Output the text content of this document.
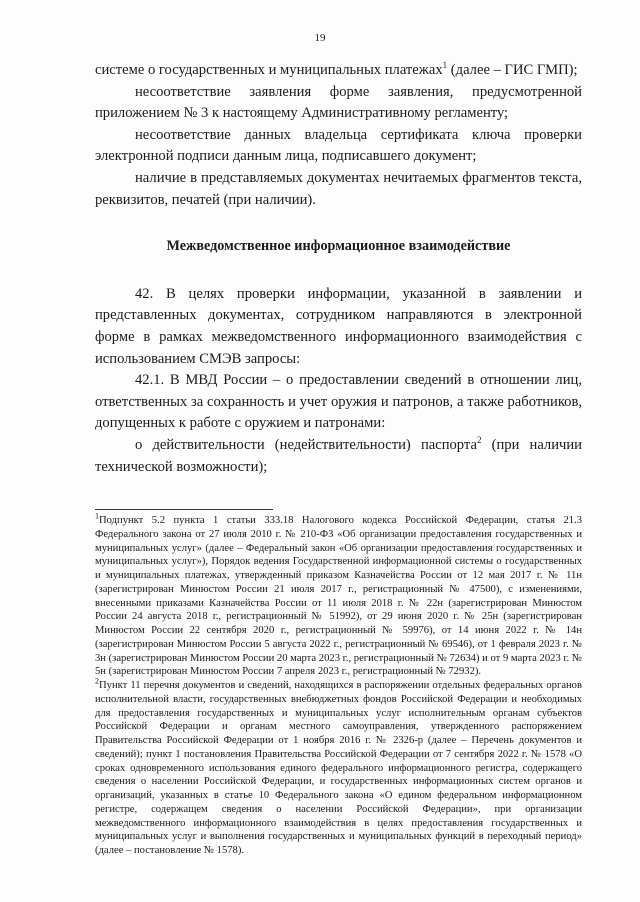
19

системе о государственных и муниципальных платежах$^1$ (далее – ГИС ГМП);

несоответствие заявления форме заявления, предусмотренной приложением № 3 к настоящему Административному регламенту;

несоответствие данных владельца сертификата ключа проверки электронной подписи данным лица, подписавшего документ;

наличие в представляемых документах нечитаемых фрагментов текста, реквизитов, печатей (при наличии).

Межведомственное информационное взаимодействие

42. В целях проверки информации, указанной в заявлении и представленных документах, сотрудником направляются в электронной форме в рамках межведомственного информационного взаимодействия с использованием СМЭВ запросы:

42.1. В МВД России – о предоставлении сведений в отношении лиц, ответственных за сохранность и учет оружия и патронов, а также работников, допущенных к работе с оружием и патронами:

о действительности (недействительности) паспорта$^2$ (при наличии технической возможности);

$^1$Подпункт 5.2 пункта 1 статьи 333.18 Налогового кодекса Российской Федерации, статья 21.3 Федерального закона от 27 июля 2010 г. № 210-ФЗ «Об организации предоставления государственных и муниципальных услуг» (далее – Федеральный закон «Об организации предоставления государственных и муниципальных услуг»), Порядок ведения Государственной информационной системы о государственных и муниципальных платежах, утвержденный приказом Казначейства России от 12 мая 2017 г. № 11н (зарегистрирован Минюстом России 21 июля 2017 г., регистрационный № 47500), с изменениями, внесенными приказами Казначейства России от 11 июля 2018 г. № 22н (зарегистрирован Минюстом России 24 августа 2018 г., регистрационный № 51992), от 29 июня 2020 г. № 25н (зарегистрирован Минюстом России 22 сентября 2020 г., регистрационный № 59976), от 14 июня 2022 г. № 14н (зарегистрирован Минюстом России 5 августа 2022 г., регистрационный № 69546), от 1 февраля 2023 г. № 3н (зарегистрирован Минюстом России 20 марта 2023 г., регистрационный № 72634) и от 9 марта 2023 г. № 5н (зарегистрирован Минюстом России 7 апреля 2023 г., регистрационный № 72932).

$^2$Пункт 11 перечня документов и сведений, находящихся в распоряжении отдельных федеральных органов исполнительной власти, государственных внебюджетных фондов Российской Федерации и необходимых для предоставления государственных и муниципальных услуг исполнительным органам субъектов Российской Федерации и органам местного самоуправления, утвержденного распоряжением Правительства Российской Федерации от 1 ноября 2016 г. № 2326-р (далее – Перечень документов и сведений); пункт 1 постановления Правительства Российской Федерации от 7 сентября 2022 г. № 1578 «О сроках одновременного использования единого федерального информационного регистра, содержащего сведения о населении Российской Федерации, и государственных информационных систем органов и организаций, указанных в статье 10 Федерального закона «О едином федеральном информационном регистре, содержащем сведения о населении Российской Федерации», при организации межведомственного информационного взаимодействия в целях предоставления государственных и муниципальных услуг и выполнения государственных и муниципальных функций в переходный период» (далее – постановление № 1578).
